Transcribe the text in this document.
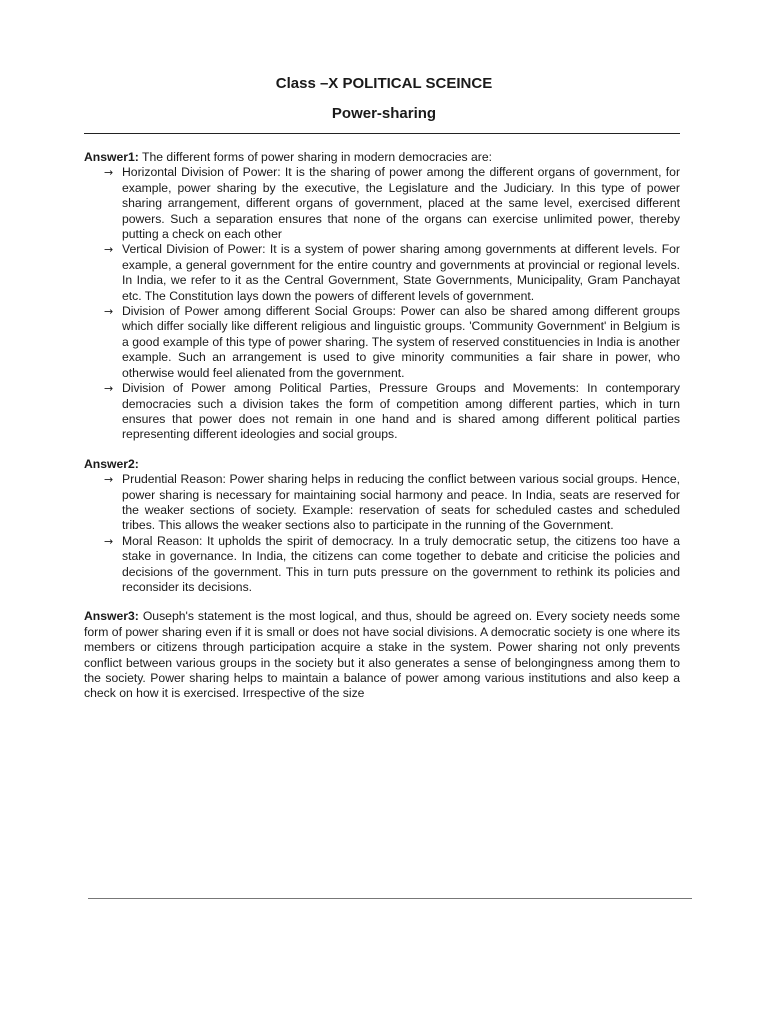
Class –X POLITICAL SCEINCE
Power-sharing

Answer1: The different forms of power sharing in modern democracies are:

→ Horizontal Division of Power: It is the sharing of power among the different organs of government, for example, power sharing by the executive, the Legislature and the Judiciary. In this type of power sharing arrangement, different organs of government, placed at the same level, exercised different powers. Such a separation ensures that none of the organs can exercise unlimited power, thereby putting a check on each other
→ Vertical Division of Power: It is a system of power sharing among governments at different levels. For example, a general government for the entire country and governments at provincial or regional levels. In India, we refer to it as the Central Government, State Governments, Municipality, Gram Panchayat etc. The Constitution lays down the powers of different levels of government.
→ Division of Power among different Social Groups: Power can also be shared among different groups which differ socially like different religious and linguistic groups. 'Community Government' in Belgium is a good example of this type of power sharing. The system of reserved constituencies in India is another example. Such an arrangement is used to give minority communities a fair share in power, who otherwise would feel alienated from the government.
→ Division of Power among Political Parties, Pressure Groups and Movements: In contemporary democracies such a division takes the form of competition among different parties, which in turn ensures that power does not remain in one hand and is shared among different political parties representing different ideologies and social groups.

Answer2:

→ Prudential Reason: Power sharing helps in reducing the conflict between various social groups. Hence, power sharing is necessary for maintaining social harmony and peace. In India, seats are reserved for the weaker sections of society. Example: reservation of seats for scheduled castes and scheduled tribes. This allows the weaker sections also to participate in the running of the Government.
→ Moral Reason: It upholds the spirit of democracy. In a truly democratic setup, the citizens too have a stake in governance. In India, the citizens can come together to debate and criticise the policies and decisions of the government. This in turn puts pressure on the government to rethink its policies and reconsider its decisions.

Answer3: Ouseph's statement is the most logical, and thus, should be agreed on. Every society needs some form of power sharing even if it is small or does not have social divisions. A democratic society is one where its members or citizens through participation acquire a stake in the system. Power sharing not only prevents conflict between various groups in the society but it also generates a sense of belongingness among them to the society. Power sharing helps to maintain a balance of power among various institutions and also keep a check on how it is exercised. Irrespective of the size
